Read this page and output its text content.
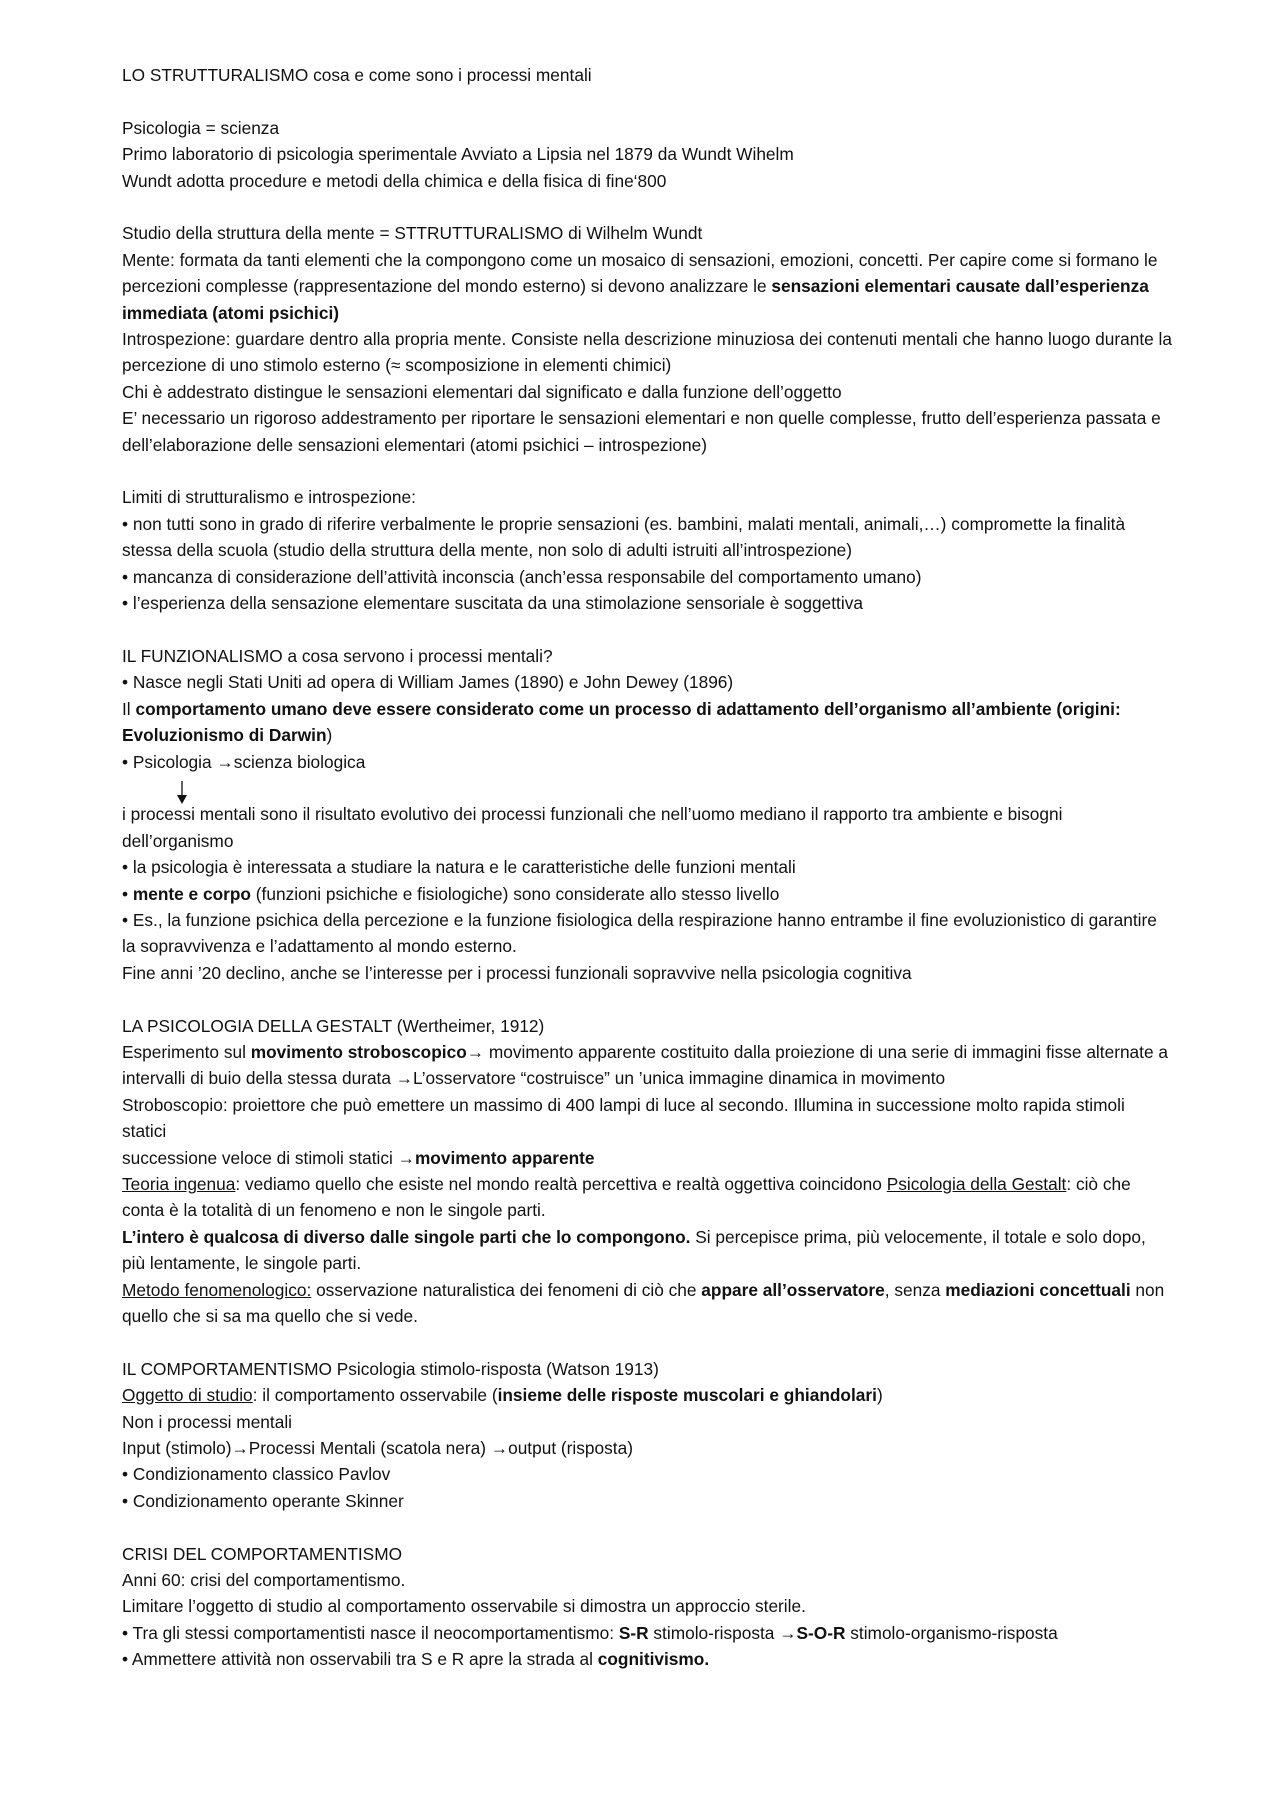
LO STRUTTURALISMO cosa e come sono i processi mentali
Psicologia = scienza
Primo laboratorio di psicologia sperimentale Avviato a Lipsia nel 1879 da Wundt Wihelm
Wundt adotta procedure e metodi della chimica e della fisica di fine‘800
Studio della struttura della mente = STTRUTTURALISMO di Wilhelm Wundt
Mente: formata da tanti elementi che la compongono come un mosaico di sensazioni, emozioni, concetti. Per capire come si formano le percezioni complesse (rappresentazione del mondo esterno) si devono analizzare le sensazioni elementari causate dall’esperienza immediata (atomi psichici)
Introspezione: guardare dentro alla propria mente. Consiste nella descrizione minuziosa dei contenuti mentali che hanno luogo durante la percezione di uno stimolo esterno (≈ scomposizione in elementi chimici)
Chi è addestrato distingue le sensazioni elementari dal significato e dalla funzione dell’oggetto
E’ necessario un rigoroso addestramento per riportare le sensazioni elementari e non quelle complesse, frutto dell’esperienza passata e dell’elaborazione delle sensazioni elementari (atomi psichici – introspezione)
Limiti di strutturalismo e introspezione:
• non tutti sono in grado di riferire verbalmente le proprie sensazioni (es. bambini, malati mentali, animali,…) compromette la finalità stessa della scuola (studio della struttura della mente, non solo di adulti istruiti all’introspezione)
• mancanza di considerazione dell’attività inconscia (anch’essa responsabile del comportamento umano)
• l’esperienza della sensazione elementare suscitata da una stimolazione sensoriale è soggettiva
IL FUNZIONALISMO a cosa servono i processi mentali?
• Nasce negli Stati Uniti ad opera di William James (1890) e John Dewey (1896)
Il comportamento umano deve essere considerato come un processo di adattamento dell’organismo all’ambiente (origini: Evoluzionismo di Darwin)
• Psicologia →scienza biologica
i processi mentali sono il risultato evolutivo dei processi funzionali che nell’uomo mediano il rapporto tra ambiente e bisogni dell’organismo
• la psicologia è interessata a studiare la natura e le caratteristiche delle funzioni mentali
• mente e corpo (funzioni psichiche e fisiologiche) sono considerate allo stesso livello
• Es., la funzione psichica della percezione e la funzione fisiologica della respirazione hanno entrambe il fine evoluzionistico di garantire la sopravvivenza e l’adattamento al mondo esterno.
Fine anni ’20 declino, anche se l’interesse per i processi funzionali sopravvive nella psicologia cognitiva
LA PSICOLOGIA DELLA GESTALT (Wertheimer, 1912)
Esperimento sul movimento stroboscopico→ movimento apparente costituito dalla proiezione di una serie di immagini fisse alternate a intervalli di buio della stessa durata →L’osservatore “costruisce” un ’unica immagine dinamica in movimento
Stroboscopio: proiettore che può emettere un massimo di 400 lampi di luce al secondo. Illumina in successione molto rapida stimoli statici
successione veloce di stimoli statici →movimento apparente
Teoria ingenua: vediamo quello che esiste nel mondo realtà percettiva e realtà oggettiva coincidono Psicologia della Gestalt: ciò che conta è la totalità di un fenomeno e non le singole parti.
L’intero è qualcosa di diverso dalle singole parti che lo compongono. Si percepisce prima, più velocemente, il totale e solo dopo, più lentamente, le singole parti.
Metodo fenomenologico: osservazione naturalistica dei fenomeni di ciò che appare all’osservatore, senza mediazioni concettuali non quello che si sa ma quello che si vede.
IL COMPORTAMENTISMO Psicologia stimolo-risposta (Watson 1913)
Oggetto di studio: il comportamento osservabile (insieme delle risposte muscolari e ghiandolari)
Non i processi mentali
Input (stimolo)→Processi Mentali (scatola nera) →output (risposta)
• Condizionamento classico Pavlov
• Condizionamento operante Skinner
CRISI DEL COMPORTAMENTISMO
Anni 60: crisi del comportamentismo.
Limitare l’oggetto di studio al comportamento osservabile si dimostra un approccio sterile.
• Tra gli stessi comportamentisti nasce il neocomportamentismo: S-R stimolo-risposta →S-O-R stimolo-organismo-risposta
• Ammettere attività non osservabili tra S e R apre la strada al cognitivismo.
